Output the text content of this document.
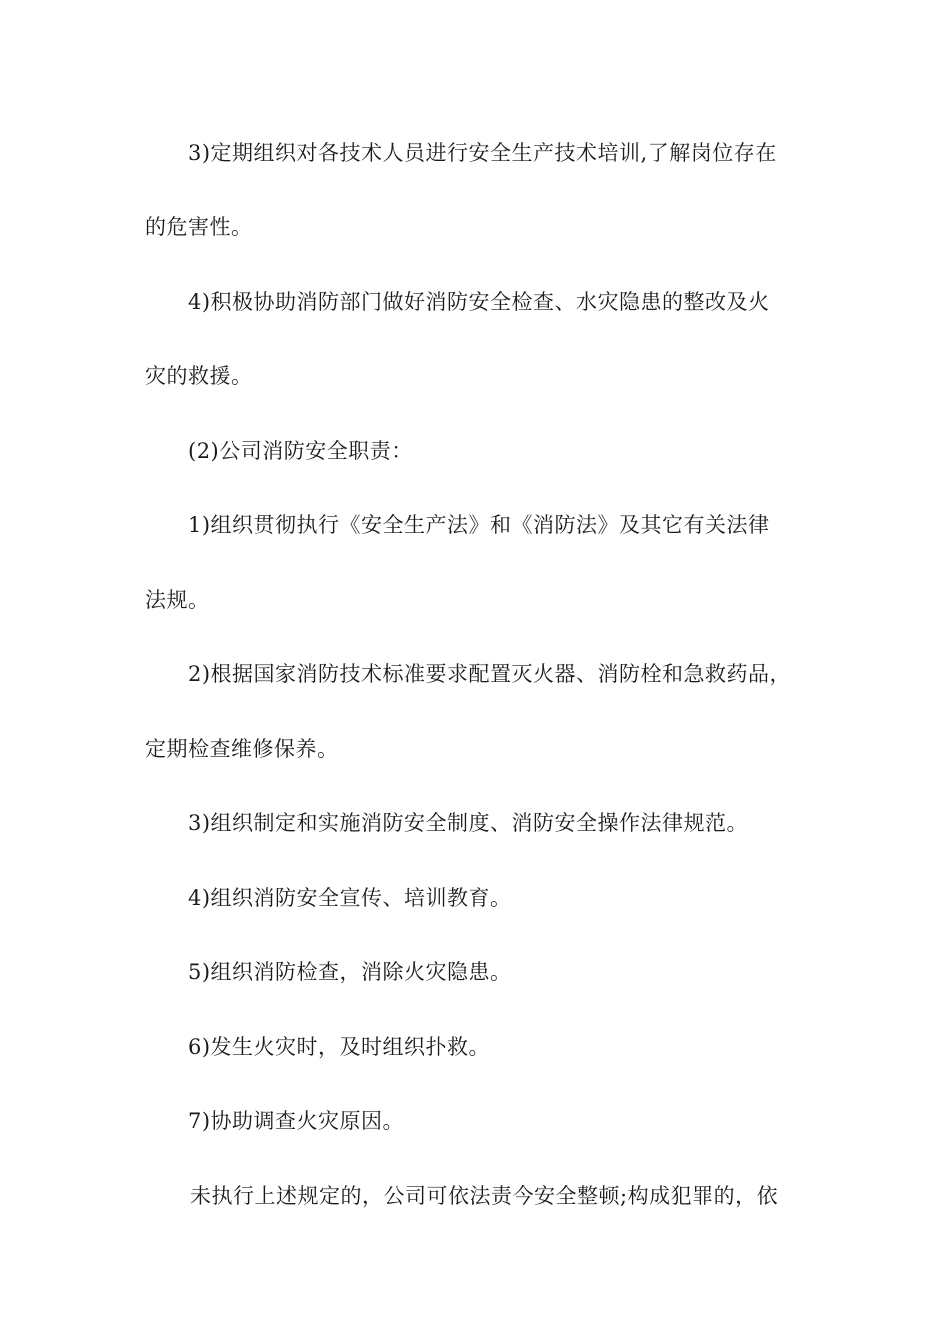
3)定期组织对各技术人员进行安全生产技术培训,了解岗位存在
的危害性。
4)积极协助消防部门做好消防安全检查、水灾隐患的整改及火
灾的救援。
(2)公司消防安全职责：
1)组织贯彻执行《安全生产法》和《消防法》及其它有关法律
法规。
2)根据国家消防技术标准要求配置灭火器、消防栓和急救药品，
定期检查维修保养。
3)组织制定和实施消防安全制度、消防安全操作法律规范。
4)组织消防安全宣传、培训教育。
5)组织消防检查，消除火灾隐患。
6)发生火灾时，及时组织扑救。
7)协助调查火灾原因。
未执行上述规定的，公司可依法责今安全整顿;构成犯罪的，依
